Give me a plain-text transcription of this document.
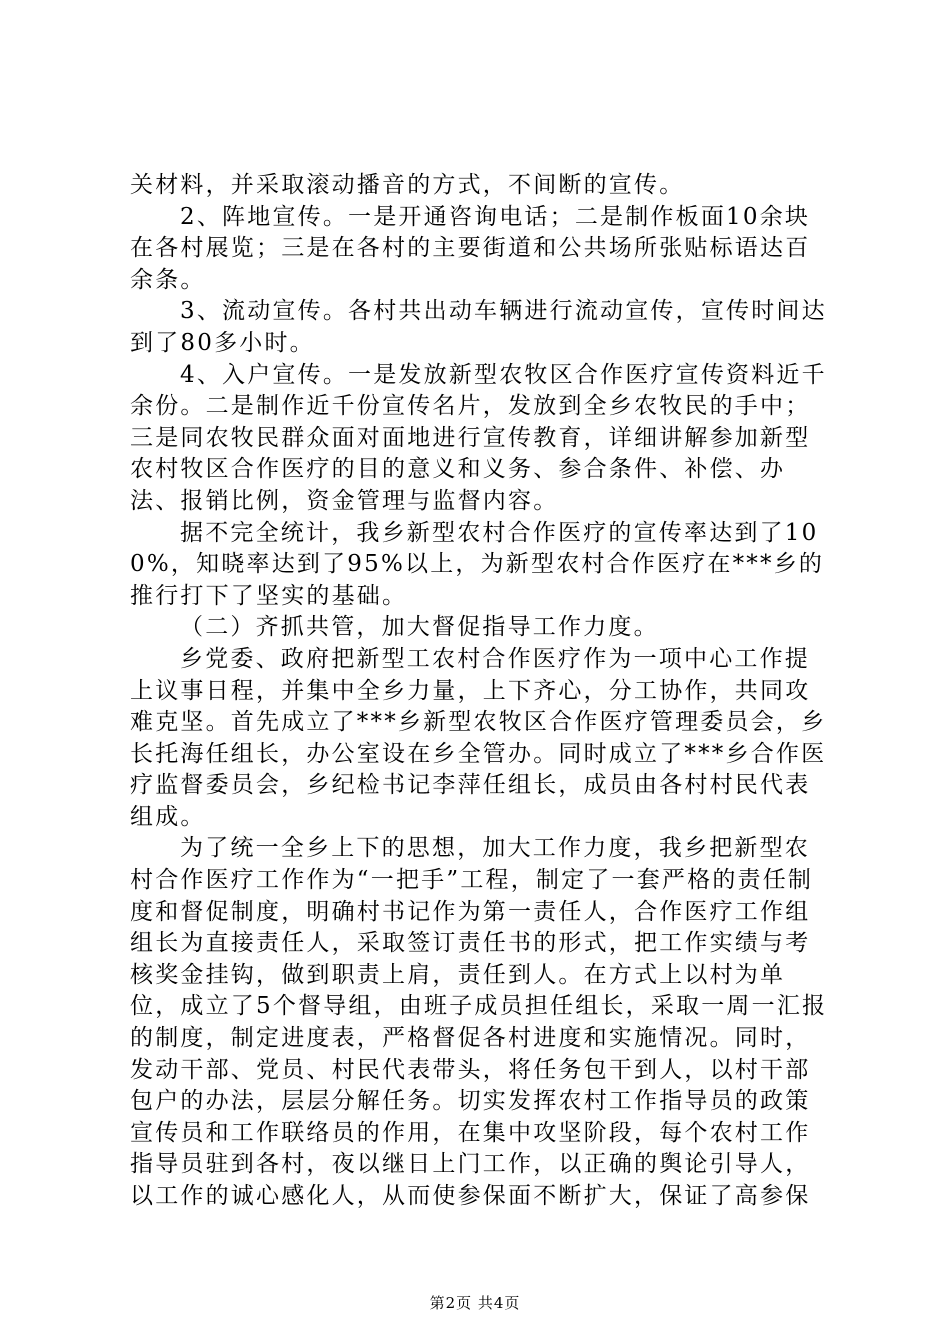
关材料，并采取滚动播音的方式，不间断的宣传。

2、阵地宣传。一是开通咨询电话；二是制作板面10余块在各村展览；三是在各村的主要街道和公共场所张贴标语达百余条。

3、流动宣传。各村共出动车辆进行流动宣传，宣传时间达到了80多小时。

4、入户宣传。一是发放新型农牧区合作医疗宣传资料近千余份。二是制作近千份宣传名片，发放到全乡农牧民的手中；三是同农牧民群众面对面地进行宣传教育，详细讲解参加新型农村牧区合作医疗的目的意义和义务、参合条件、补偿、办法、报销比例，资金管理与监督内容。

据不完全统计，我乡新型农村合作医疗的宣传率达到了100%，知晓率达到了95%以上，为新型农村合作医疗在***乡的推行打下了坚实的基础。

（二）齐抓共管，加大督促指导工作力度。

乡党委、政府把新型工农村合作医疗作为一项中心工作提上议事日程，并集中全乡力量，上下齐心，分工协作，共同攻难克坚。首先成立了***乡新型农牧区合作医疗管理委员会，乡长托海任组长，办公室设在乡全管办。同时成立了***乡合作医疗监督委员会，乡纪检书记李萍任组长，成员由各村村民代表组成。

为了统一全乡上下的思想，加大工作力度，我乡把新型农村合作医疗工作作为“一把手”工程，制定了一套严格的责任制度和督促制度，明确村书记作为第一责任人，合作医疗工作组组长为直接责任人，采取签订责任书的形式，把工作实绩与考核奖金挂钩，做到职责上肩，责任到人。在方式上以村为单位，成立了5个督导组，由班子成员担任组长，采取一周一汇报的制度，制定进度表，严格督促各村进度和实施情况。同时，发动干部、党员、村民代表带头，将任务包干到人，以村干部包户的办法，层层分解任务。切实发挥农村工作指导员的政策宣传员和工作联络员的作用，在集中攻坚阶段，每个农村工作指导员驻到各村，夜以继日上门工作，以正确的舆论引导人，以工作的诚心感化人，从而使参保面不断扩大，保证了高参保

第2页 共4页
